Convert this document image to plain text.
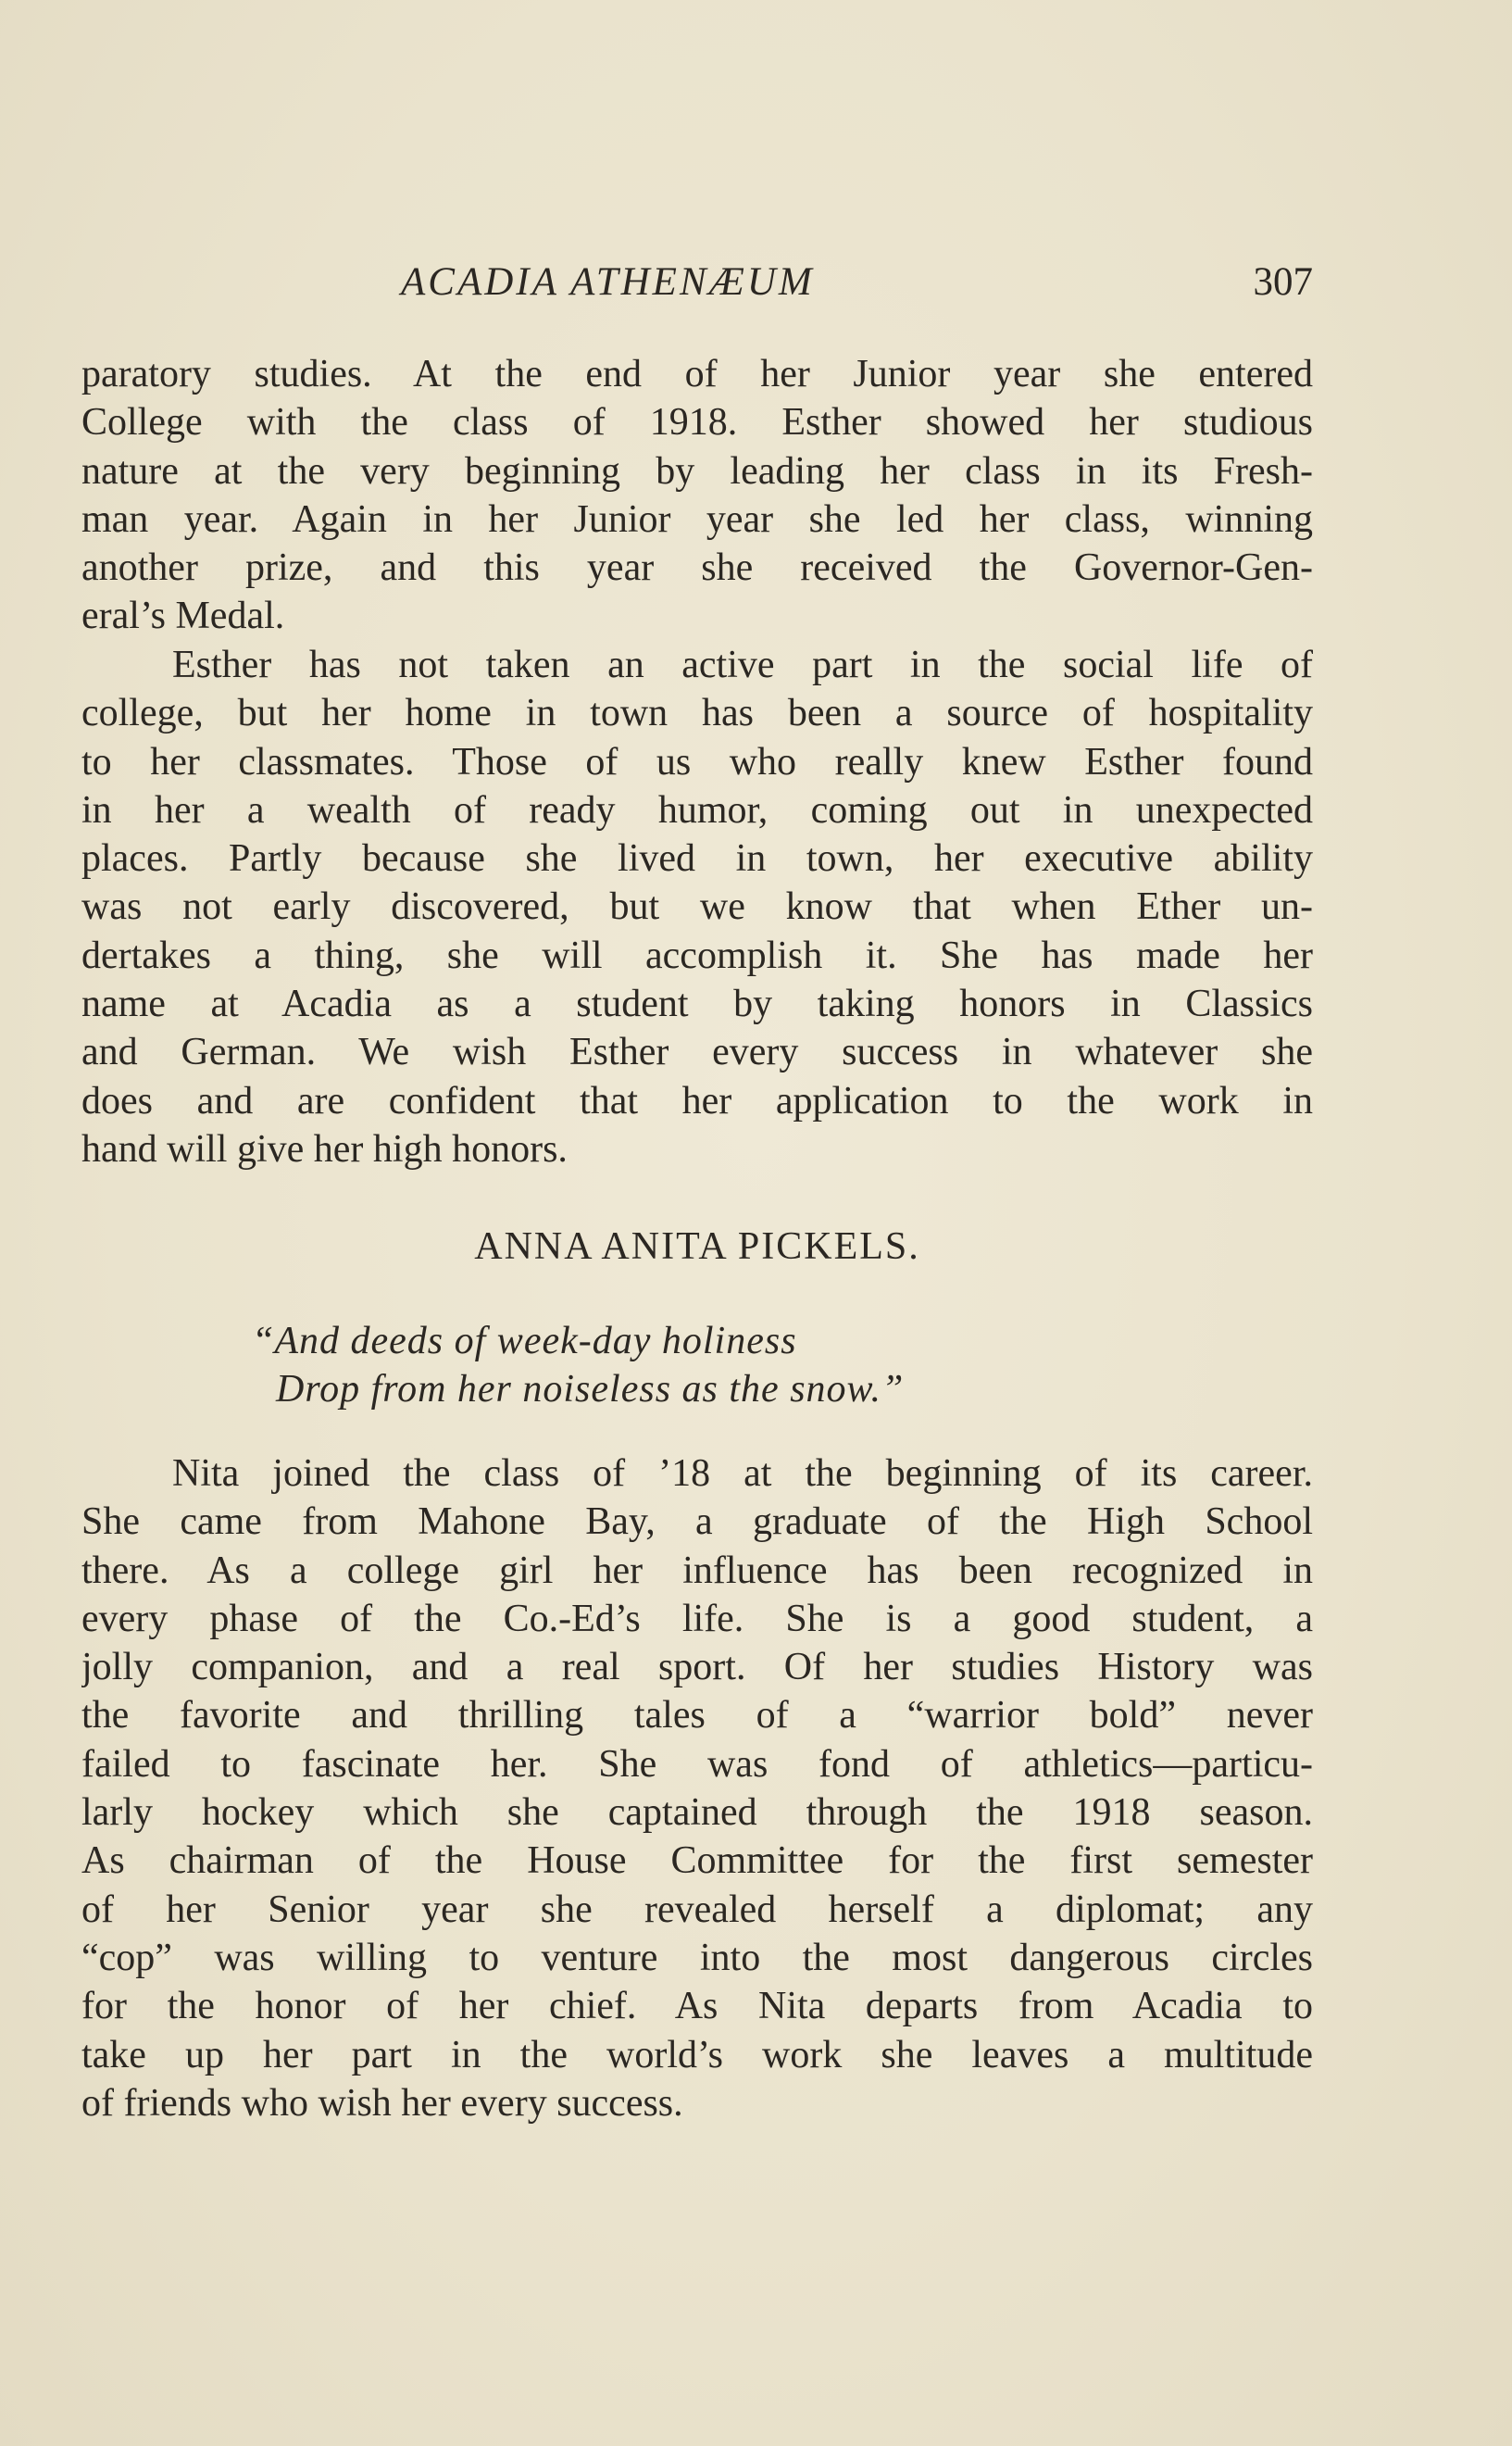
ACADIA ATHENÆUM	307
paratory studies. At the end of her Junior year she entered
College with the class of 1918. Esther showed her studious
nature at the very beginning by leading her class in its Fresh-
man year. Again in her Junior year she led her class, winning
another prize, and this year she received the Governor-Gen-
eral’s Medal.
Esther has not taken an active part in the social life of
college, but her home in town has been a source of hospitality
to her classmates. Those of us who really knew Esther found
in her a wealth of ready humor, coming out in unexpected
places. Partly because she lived in town, her executive ability
was not early discovered, but we know that when Ether un-
dertakes a thing, she will accomplish it. She has made her
name at Acadia as a student by taking honors in Classics
and German. We wish Esther every success in whatever she
does and are confident that her application to the work in
hand will give her high honors.
ANNA ANITA PICKELS.
“And deeds of week-day holiness
Drop from her noiseless as the snow.”
Nita joined the class of ’18 at the beginning of its career.
She came from Mahone Bay, a graduate of the High School
there. As a college girl her influence has been recognized in
every phase of the Co.-Ed’s life. She is a good student, a
jolly companion, and a real sport. Of her studies History was
the favorite and thrilling tales of a “warrior bold” never
failed to fascinate her. She was fond of athletics—particu-
larly hockey which she captained through the 1918 season.
As chairman of the House Committee for the first semester
of her Senior year she revealed herself a diplomat; any
“cop” was willing to venture into the most dangerous circles
for the honor of her chief. As Nita departs from Acadia to
take up her part in the world’s work she leaves a multitude
of friends who wish her every success.
